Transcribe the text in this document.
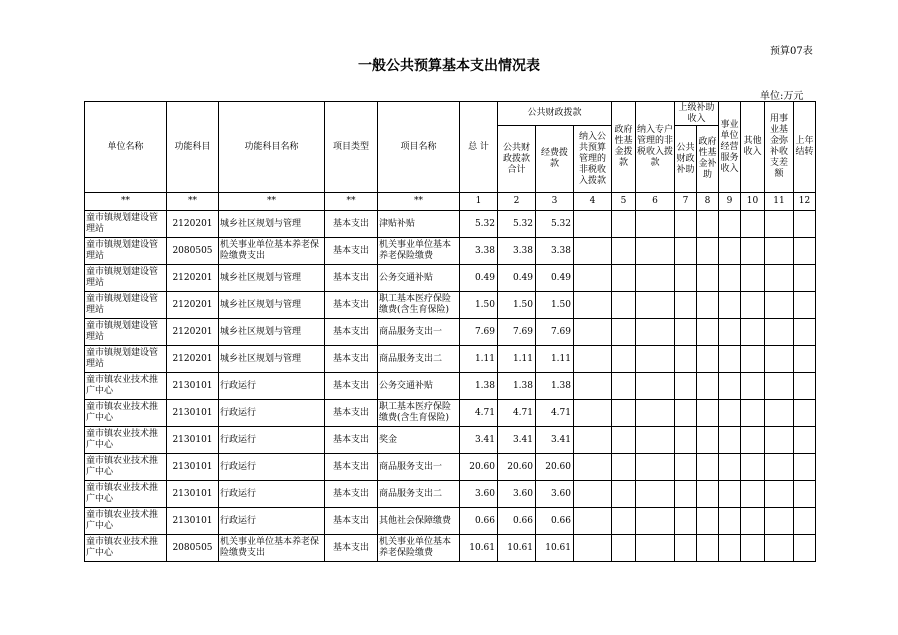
预算07表
一般公共预算基本支出情况表
单位:万元
单位名称	功能科目	功能科目名称	项目类型	项目名称	总 计	公共财政拨款			政府性基金拨款	纳入专户管理的非税收入拨款	上级补助收入		事业单位经营服务收入	其他收入	用事业基金弥补收支差额	上年结转
						公共财政拨款合计	经费拨款	纳入公共预算管理的非税收入拨款			公共财政补助	政府性基金补助				
**	**	**	**	**	1	2	3	4	5	6	7	8	9	10	11	12
童市镇规划建设管理站	2120201	城乡社区规划与管理	基本支出	津贴补贴	5.32	5.32	5.32									
童市镇规划建设管理站	2080505	机关事业单位基本养老保险缴费支出	基本支出	机关事业单位基本养老保险缴费	3.38	3.38	3.38									
童市镇规划建设管理站	2120201	城乡社区规划与管理	基本支出	公务交通补贴	0.49	0.49	0.49									
童市镇规划建设管理站	2120201	城乡社区规划与管理	基本支出	职工基本医疗保险缴费(含生育保险)	1.50	1.50	1.50									
童市镇规划建设管理站	2120201	城乡社区规划与管理	基本支出	商品服务支出一	7.69	7.69	7.69									
童市镇规划建设管理站	2120201	城乡社区规划与管理	基本支出	商品服务支出二	1.11	1.11	1.11									
童市镇农业技术推广中心	2130101	行政运行	基本支出	公务交通补贴	1.38	1.38	1.38									
童市镇农业技术推广中心	2130101	行政运行	基本支出	职工基本医疗保险缴费(含生育保险)	4.71	4.71	4.71									
童市镇农业技术推广中心	2130101	行政运行	基本支出	奖金	3.41	3.41	3.41									
童市镇农业技术推广中心	2130101	行政运行	基本支出	商品服务支出一	20.60	20.60	20.60									
童市镇农业技术推广中心	2130101	行政运行	基本支出	商品服务支出二	3.60	3.60	3.60									
童市镇农业技术推广中心	2130101	行政运行	基本支出	其他社会保障缴费	0.66	0.66	0.66									
童市镇农业技术推广中心	2080505	机关事业单位基本养老保险缴费支出	基本支出	机关事业单位基本养老保险缴费	10.61	10.61	10.61									
